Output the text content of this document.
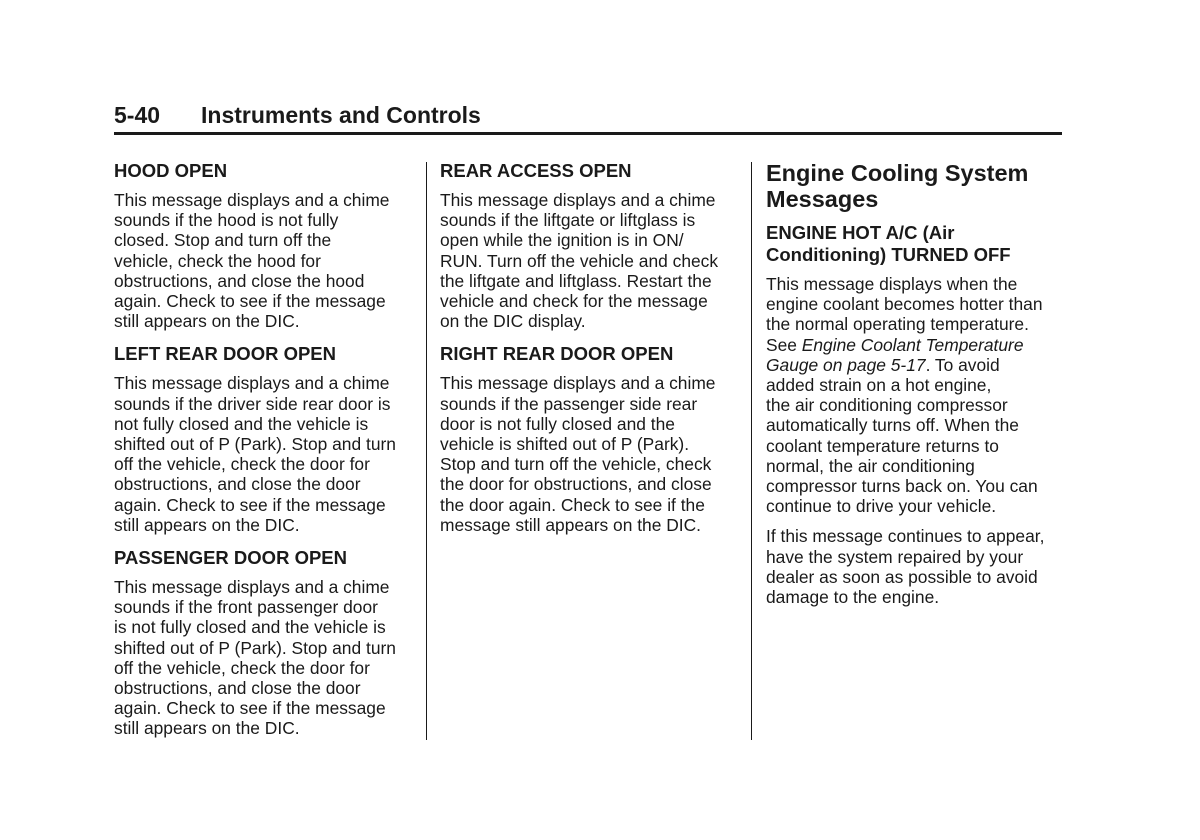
5-40 Instruments and Controls
HOOD OPEN

This message displays and a chime
sounds if the hood is not fully
closed. Stop and turn off the
vehicle, check the hood for
obstructions, and close the hood
again. Check to see if the message
still appears on the DIC.

LEFT REAR DOOR OPEN

This message displays and a chime
sounds if the driver side rear door is
not fully closed and the vehicle is
shifted out of P (Park). Stop and turn
off the vehicle, check the door for
obstructions, and close the door
again. Check to see if the message
still appears on the DIC.

PASSENGER DOOR OPEN

This message displays and a chime
sounds if the front passenger door
is not fully closed and the vehicle is
shifted out of P (Park). Stop and turn
off the vehicle, check the door for
obstructions, and close the door
again. Check to see if the message
still appears on the DIC.

REAR ACCESS OPEN

This message displays and a chime
sounds if the liftgate or liftglass is
open while the ignition is in ON/
RUN. Turn off the vehicle and check
the liftgate and liftglass. Restart the
vehicle and check for the message
on the DIC display.

RIGHT REAR DOOR OPEN

This message displays and a chime
sounds if the passenger side rear
door is not fully closed and the
vehicle is shifted out of P (Park).
Stop and turn off the vehicle, check
the door for obstructions, and close
the door again. Check to see if the
message still appears on the DIC.

Engine Cooling System
Messages
ENGINE HOT A/C (Air
Conditioning) TURNED OFF

This message displays when the
engine coolant becomes hotter than
the normal operating temperature.
See Engine Coolant Temperature
Gauge on page 5-17. To avoid
added strain on a hot engine,
the air conditioning compressor
automatically turns off. When the
coolant temperature returns to
normal, the air conditioning
compressor turns back on. You can
continue to drive your vehicle.

If this message continues to appear,
have the system repaired by your
dealer as soon as possible to avoid
damage to the engine.
